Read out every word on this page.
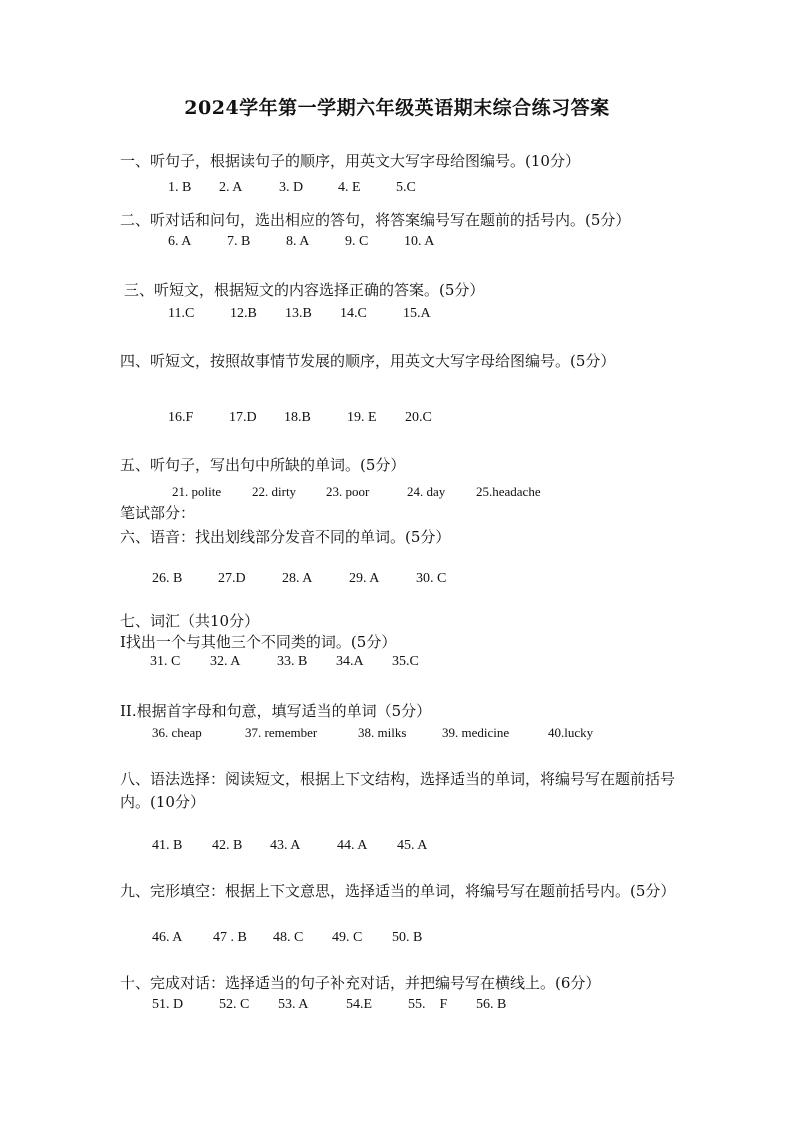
2024学年第一学期六年级英语期末综合练习答案
一、听句子，根据读句子的顺序，用英文大写字母给图编号。(10分）
1. B 2. A	3. D 4. E	5.C
二、听对话和问句，选出相应的答句，将答案编号写在题前的括号内。(5分）
6. A	7. B	8. A	9. C	10. A
三、听短文，根据短文的内容选择正确的答案。(5分）
11.C	12.B 13.B 14.C	15.A
四、听短文，按照故事情节发展的顺序，用英文大写字母给图编号。(5分）
16.F	17.D 18.B	19. E 20.C
五、听句子，写出句中所缺的单词。(5分）
21. polite 22. dirty 23. poor	24. day 25.headache
笔试部分：
六、语音：找出划线部分发音不同的单词。(5分）
26. B	27.D	28. A	29. A	30. C
七、词汇（共10分）
I找出一个与其他三个不同类的词。(5分）
31. C 32. A	33. B 34.A 35.C
II.根据首字母和句意，填写适当的单词（5分）
36. cheap	37. remember	38. milks	39. medicine	40.lucky
八、语法选择：阅读短文，根据上下文结构，选择适当的单词，将编号写在题前括号内。(10分）
41. B 42. B 43. A	44. A 45. A
九、完形填空：根据上下文意思，选择适当的单词，将编号写在题前括号内。(5分）
46. A 47 . B 48. C 49. C 50. B
十、完成对话：选择适当的句子补充对话，并把编号写在横线上。(6分）
51. D	52. C 53. A	54.E	55. F 56. B
